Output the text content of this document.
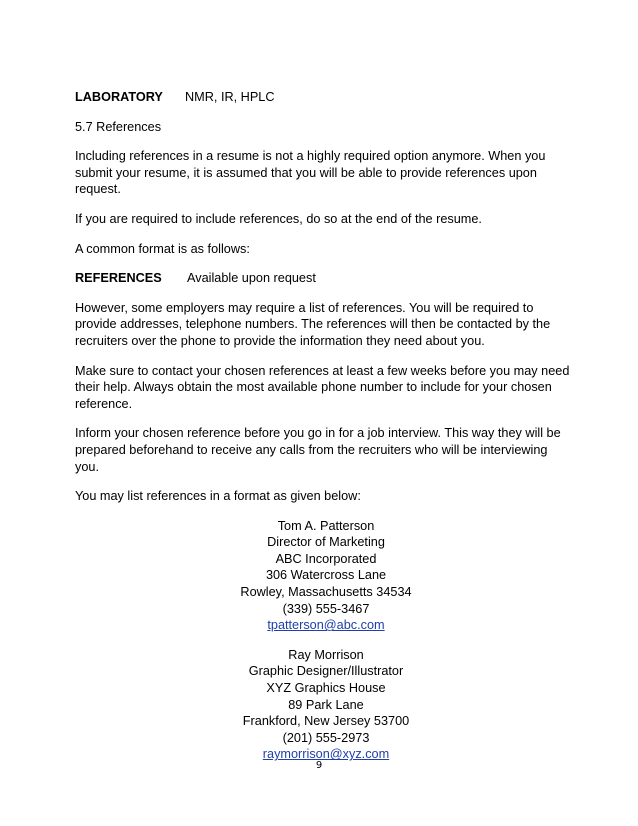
LABORATORY	NMR, IR, HPLC
5.7 References
Including references in a resume is not a highly required option anymore. When you
submit your resume, it is assumed that you will be able to provide references upon
request.
If you are required to include references, do so at the end of the resume.
A common format is as follows:
REFERENCES	Available upon request
However, some employers may require a list of references. You will be required to
provide addresses, telephone numbers. The references will then be contacted by the
recruiters over the phone to provide the information they need about you.
Make sure to contact your chosen references at least a few weeks before you may need
their help. Always obtain the most available phone number to include for your chosen
reference.
Inform your chosen reference before you go in for a job interview. This way they will be
prepared beforehand to receive any calls from the recruiters who will be interviewing
you.
You may list references in a format as given below:
Tom A. Patterson
Director of Marketing
ABC Incorporated
306 Watercross Lane
Rowley, Massachusetts 34534
(339) 555-3467
tpatterson@abc.com
Ray Morrison
Graphic Designer/Illustrator
XYZ Graphics House
89 Park Lane
Frankford, New Jersey 53700
(201) 555-2973
raymorrison@xyz.com
9
